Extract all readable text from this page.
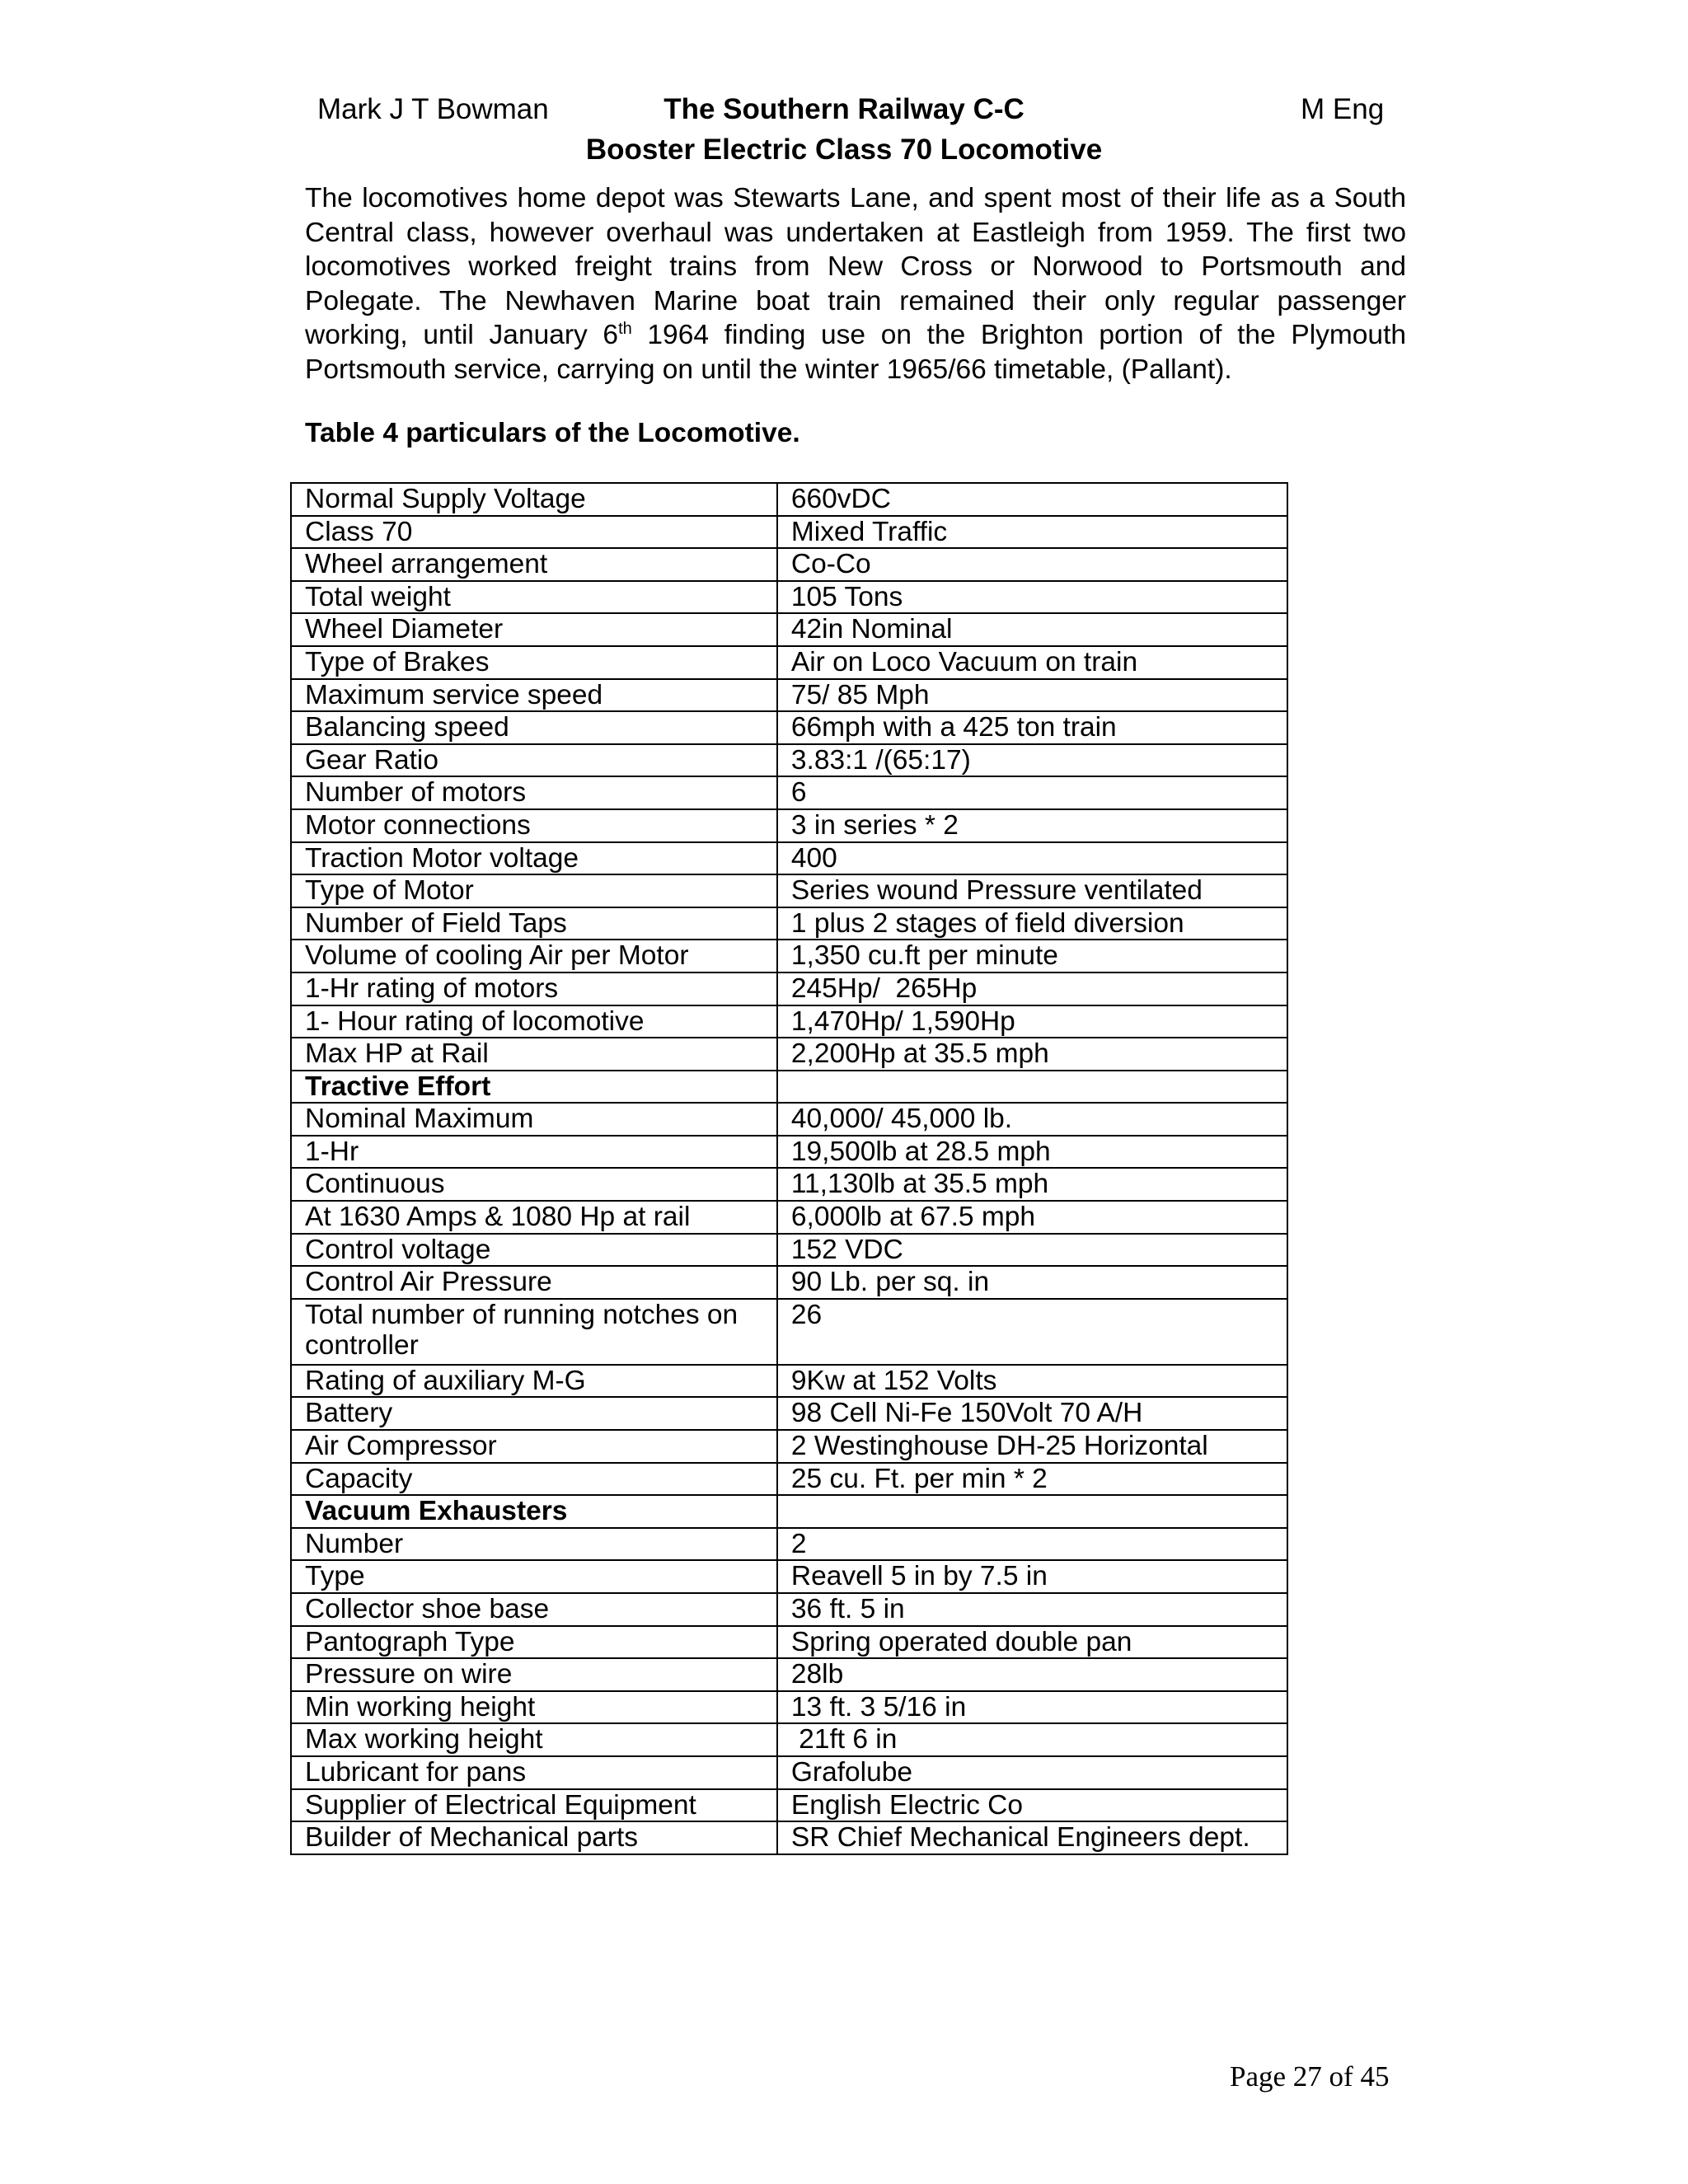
Mark J T Bowman	The Southern Railway C-C	M Eng
Booster Electric Class 70 Locomotive

The locomotives home depot was Stewarts Lane, and spent most of their life as a South Central class, however overhaul was undertaken at Eastleigh from 1959. The first two locomotives worked freight trains from New Cross or Norwood to Portsmouth and Polegate. The Newhaven Marine boat train remained their only regular passenger working, until January 6th 1964 finding use on the Brighton portion of the Plymouth Portsmouth service, carrying on until the winter 1965/66 timetable, (Pallant).

Table 4 particulars of the Locomotive.
Normal Supply Voltage	660vDC
Class 70	Mixed Traffic
Wheel arrangement	Co-Co
Total weight	105 Tons
Wheel Diameter	42in Nominal
Type of Brakes	Air on Loco Vacuum on train
Maximum service speed	75/ 85 Mph
Balancing speed	66mph with a 425 ton train
Gear Ratio	3.83:1 /(65:17)
Number of motors	6
Motor connections	3 in series * 2
Traction Motor voltage	400
Type of Motor	Series wound Pressure ventilated
Number of Field Taps	1 plus 2 stages of field diversion
Volume of cooling Air per Motor	1,350 cu.ft per minute
1-Hr rating of motors	245Hp/  265Hp
1- Hour rating of locomotive	1,470Hp/ 1,590Hp
Max HP at Rail	2,200Hp at 35.5 mph
Tractive Effort	
Nominal Maximum	40,000/ 45,000 lb.
1-Hr	19,500lb at 28.5 mph
Continuous	11,130lb at 35.5 mph
At 1630 Amps & 1080 Hp at rail	6,000lb at 67.5 mph
Control voltage	152 VDC
Control Air Pressure	90 Lb. per sq. in
Total number of running notches on controller	26
Rating of auxiliary M-G	9Kw at 152 Volts
Battery	98 Cell Ni-Fe 150Volt 70 A/H
Air Compressor	2 Westinghouse DH-25 Horizontal
Capacity	25 cu. Ft. per min * 2
Vacuum Exhausters	
Number	2
Type	Reavell 5 in by 7.5 in
Collector shoe base	36 ft. 5 in
Pantograph Type	Spring operated double pan
Pressure on wire	28lb
Min working height	13 ft. 3 5/16 in
Max working height	21ft 6 in
Lubricant for pans	Grafolube
Supplier of Electrical Equipment	English Electric Co
Builder of Mechanical parts	SR Chief Mechanical Engineers dept.
Page 27 of 45
